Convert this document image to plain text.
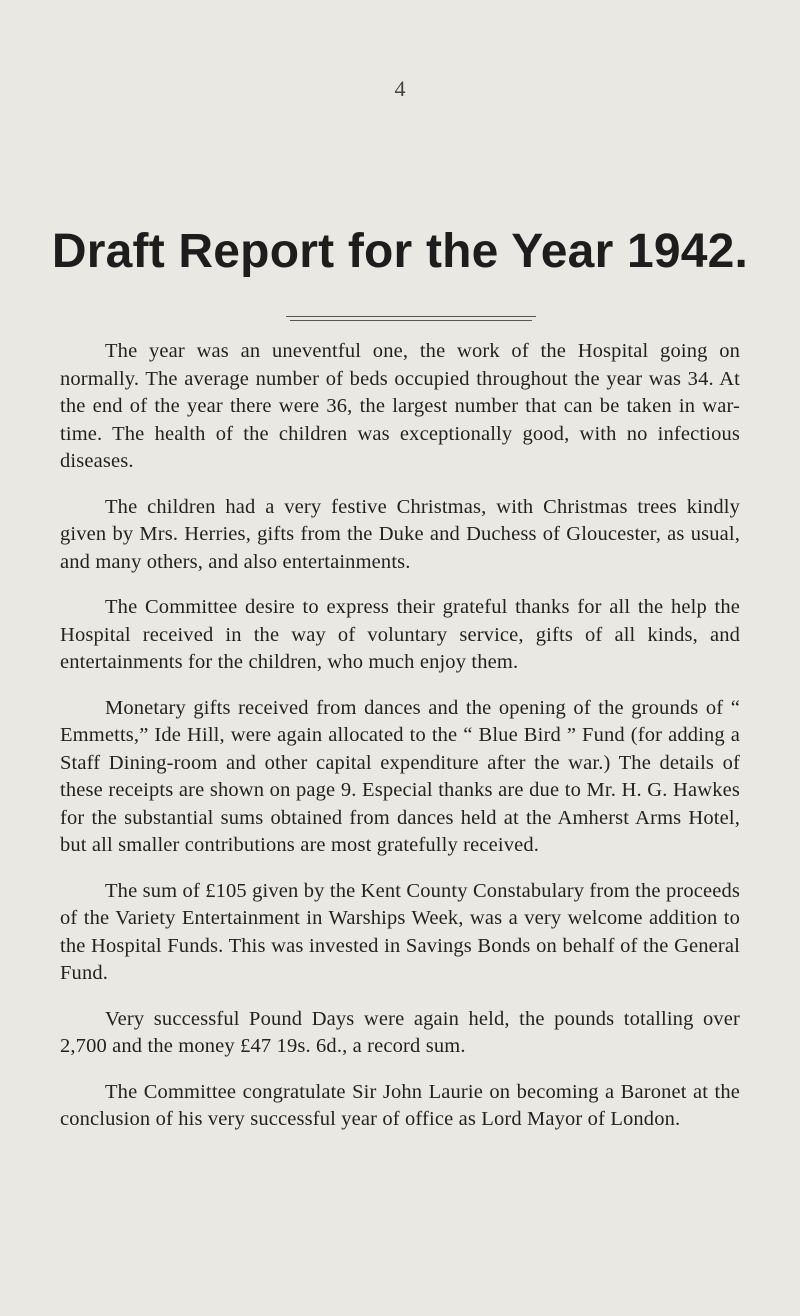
4
Draft Report for the Year 1942.

The year was an uneventful one, the work of the Hospital going on normally. The average number of beds occupied throughout the year was 34. At the end of the year there were 36, the largest number that can be taken in war-time. The health of the children was exceptionally good, with no infectious diseases.

The children had a very festive Christmas, with Christmas trees kindly given by Mrs. Herries, gifts from the Duke and Duchess of Gloucester, as usual, and many others, and also entertainments.

The Committee desire to express their grateful thanks for all the help the Hospital received in the way of voluntary service, gifts of all kinds, and entertainments for the children, who much enjoy them.

Monetary gifts received from dances and the opening of the grounds of “ Emmetts,” Ide Hill, were again allocated to the “ Blue Bird ” Fund (for adding a Staff Dining-room and other capital expenditure after the war.) The details of these receipts are shown on page 9. Especial thanks are due to Mr. H. G. Hawkes for the substantial sums obtained from dances held at the Amherst Arms Hotel, but all smaller contributions are most gratefully received.

The sum of £105 given by the Kent County Constabulary from the proceeds of the Variety Entertainment in Warships Week, was a very welcome addition to the Hospital Funds. This was invested in Savings Bonds on behalf of the General Fund.

Very successful Pound Days were again held, the pounds totalling over 2,700 and the money £47 19s. 6d., a record sum.

The Committee congratulate Sir John Laurie on becoming a Baronet at the conclusion of his very successful year of office as Lord Mayor of London.
